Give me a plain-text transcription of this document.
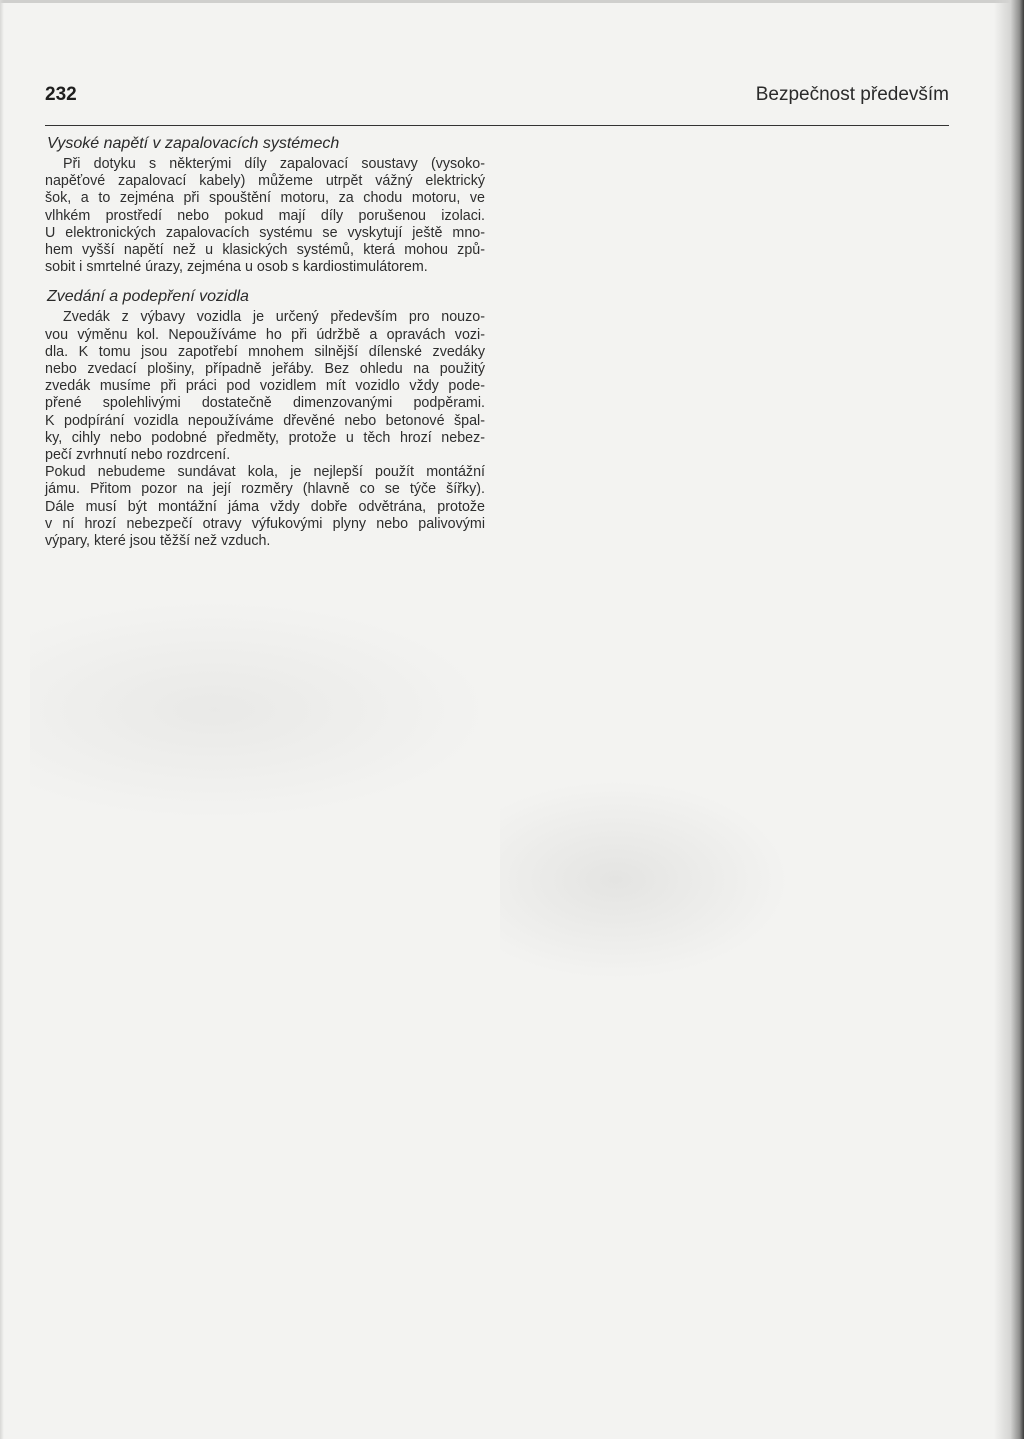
232	Bezpečnost především
Vysoké napětí v zapalovacích systémech
Při dotyku s některými díly zapalovací soustavy (vysoko-
napěťové zapalovací kabely) můžeme utrpět vážný elektrický
šok, a to zejména při spouštění motoru, za chodu motoru, ve
vlhkém prostředí nebo pokud mají díly porušenou izolaci.
U elektronických zapalovacích systému se vyskytují ještě mno-
hem vyšší napětí než u klasických systémů, která mohou způ-
sobit i smrtelné úrazy, zejména u osob s kardiostimulátorem.
Zvedání a podepření vozidla
Zvedák z výbavy vozidla je určený především pro nouzo-
vou výměnu kol. Nepoužíváme ho při údržbě a opravách vozi-
dla. K tomu jsou zapotřebí mnohem silnější dílenské zvedáky
nebo zvedací plošiny, případně jeřáby. Bez ohledu na použitý
zvedák musíme při práci pod vozidlem mít vozidlo vždy pode-
přené spolehlivými dostatečně dimenzovanými podpěrami.
K podpírání vozidla nepoužíváme dřevěné nebo betonové špal-
ky, cihly nebo podobné předměty, protože u těch hrozí nebez-
pečí zvrhnutí nebo rozdrcení.
Pokud nebudeme sundávat kola, je nejlepší použít montážní
jámu. Přitom pozor na její rozměry (hlavně co se týče šířky).
Dále musí být montážní jáma vždy dobře odvětrána, protože
v ní hrozí nebezpečí otravy výfukovými plyny nebo palivovými
výpary, které jsou těžší než vzduch.
